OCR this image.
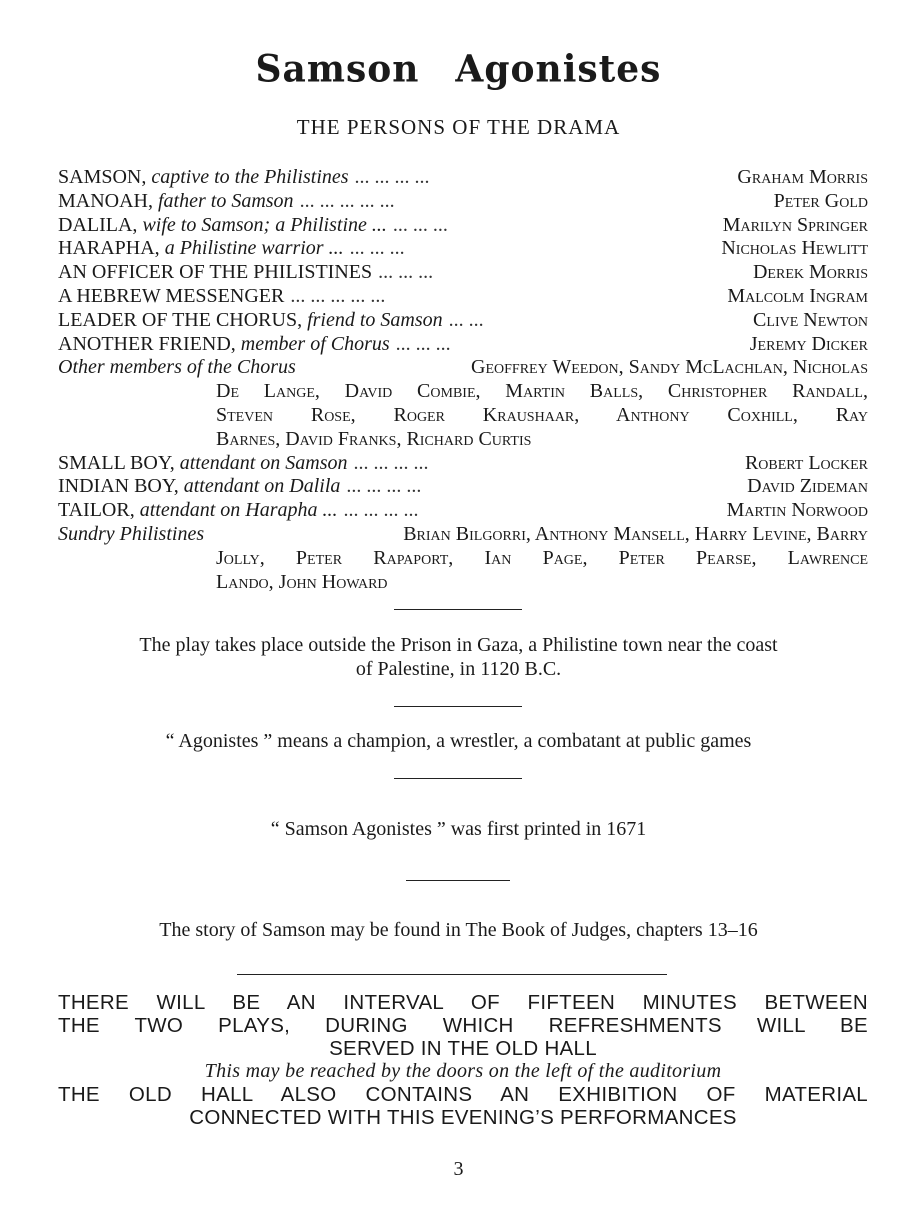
Samson Agonistes
THE PERSONS OF THE DRAMA
SAMSON,
captive to the Philistines ... ... ... ...	Graham Morris
MANOAH,
father to Samson ... ... ... ... ...	Peter Gold
DALILA,
wife to Samson; a Philistine ... ... ... ...	Marilyn Springer
HARAPHA,
a Philistine warrior ... ... ... ...	Nicholas Hewlitt
AN OFFICER OF THE PHILISTINES ... ... ...	Derek Morris
A HEBREW MESSENGER ... ... ... ... ...	Malcolm Ingram
LEADER OF THE CHORUS,
friend to Samson ... ...	Clive Newton
ANOTHER FRIEND,
member of Chorus ... ... ...	Jeremy Dicker
Other members of the Chorus	Geoffrey Weedon, Sandy McLachlan, Nicholas
De Lange, David Combie, Martin Balls, Christopher Randall,
Steven Rose, Roger Kraushaar, Anthony Coxhill, Ray
Barnes, David Franks, Richard Curtis
SMALL BOY,
attendant on Samson ... ... ... ...	Robert Locker
INDIAN BOY,
attendant on Dalila ... ... ... ...	David Zideman
TAILOR,
attendant on Harapha ... ... ... ... ...	Martin Norwood
Sundry Philistines	Brian Bilgorri, Anthony Mansell, Harry Levine, Barry
Jolly, Peter Rapaport, Ian Page, Peter Pearse, Lawrence
Lando, John Howard
The play takes place outside the Prison in Gaza, a Philistine town near the coast
of Palestine, in 1120 B.C.
“ Agonistes ” means a champion, a wrestler, a combatant at public games
“ Samson Agonistes ” was first printed in 1671
The story of Samson may be found in The Book of Judges, chapters 13–16
THERE WILL BE AN INTERVAL OF FIFTEEN MINUTES BETWEEN
THE TWO PLAYS, DURING WHICH REFRESHMENTS WILL BE
SERVED IN THE OLD HALL
This may be reached by the doors on the left of the auditorium
THE OLD HALL ALSO CONTAINS AN EXHIBITION OF MATERIAL
CONNECTED WITH THIS EVENING’S PERFORMANCES
3
